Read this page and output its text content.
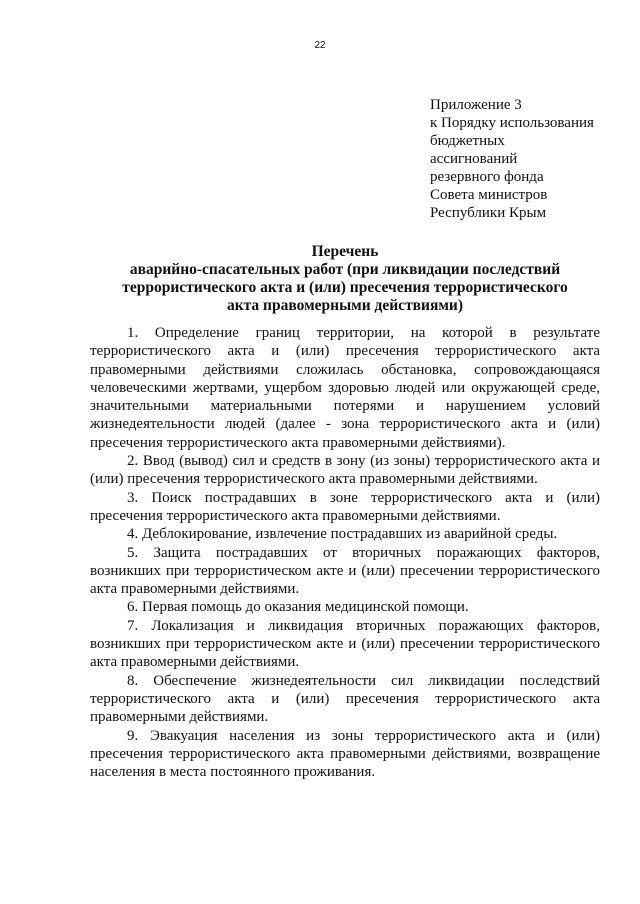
22
Приложение 3
к Порядку использования
бюджетных
ассигнований
резервного фонда
Совета министров
Республики Крым
Перечень
аварийно-спасательных работ (при ликвидации последствий
террористического акта и (или) пресечения террористического
акта правомерными действиями)

1. Определение границ территории, на которой в результате террористического акта и (или) пресечения террористического акта правомерными действиями сложилась обстановка, сопровождающаяся человеческими жертвами, ущербом здоровью людей или окружающей среде, значительными материальными потерями и нарушением условий жизнедеятельности людей (далее - зона террористического акта и (или) пресечения террористического акта правомерными действиями).

2. Ввод (вывод) сил и средств в зону (из зоны) террористического акта и (или) пресечения террористического акта правомерными действиями.

3. Поиск пострадавших в зоне террористического акта и (или) пресечения террористического акта правомерными действиями.

4. Деблокирование, извлечение пострадавших из аварийной среды.

5. Защита пострадавших от вторичных поражающих факторов, возникших при террористическом акте и (или) пресечении террористического акта правомерными действиями.

6. Первая помощь до оказания медицинской помощи.

7. Локализация и ликвидация вторичных поражающих факторов, возникших при террористическом акте и (или) пресечении террористического акта правомерными действиями.

8. Обеспечение жизнедеятельности сил ликвидации последствий террористического акта и (или) пресечения террористического акта правомерными действиями.

9. Эвакуация населения из зоны террористического акта и (или) пресечения террористического акта правомерными действиями, возвращение населения в места постоянного проживания.
